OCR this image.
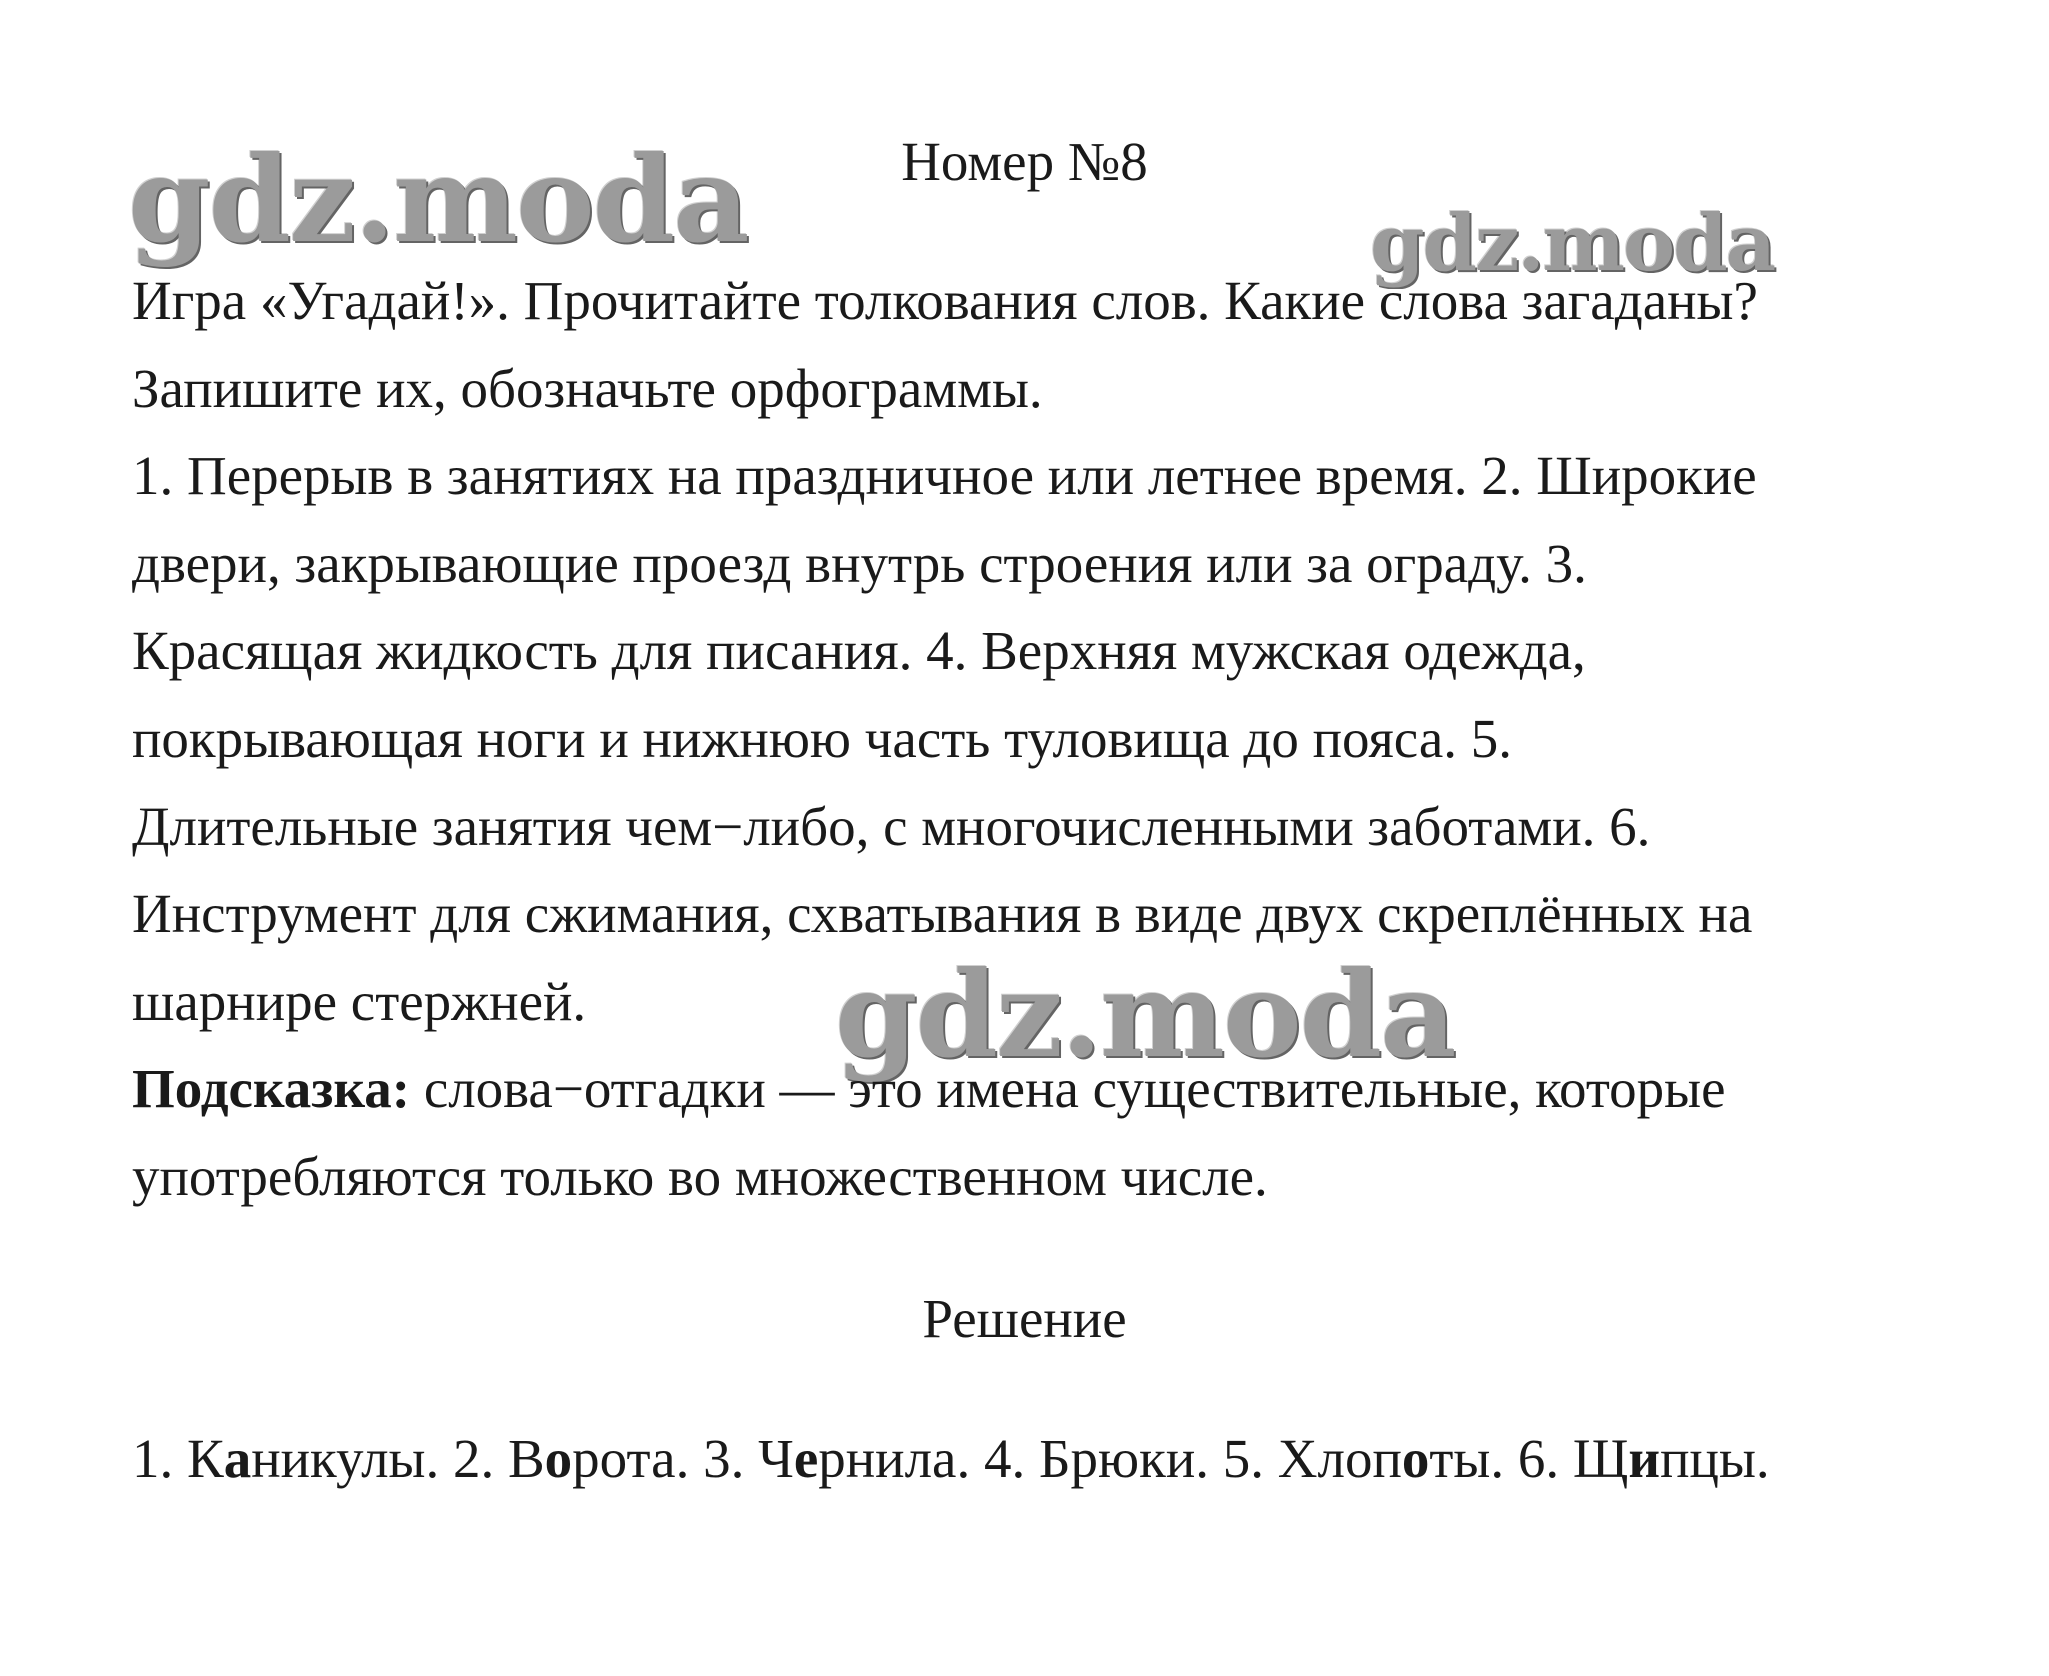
gdz.moda	gdz.moda
gdz.moda
Номер №8
Игра «Угадай!». Прочитайте толкования слов. Какие слова загаданы?
Запишите их, обозначьте орфограммы.
1. Перерыв в занятиях на праздничное или летнее время. 2. Широкие
двери, закрывающие проезд внутрь строения или за ограду. 3.
Красящая жидкость для писания. 4. Верхняя мужская одежда,
покрывающая ноги и нижнюю часть туловища до пояса. 5.
Длительные занятия чем−либо, с многочисленными заботами. 6.
Инструмент для сжимания, схватывания в виде двух скреплённых на
шарнире стержней.
Подсказка: слова−отгадки — это имена существительные, которые
употребляются только во множественном числе.
Решение
1. Каникулы. 2. Ворота. 3. Чернила. 4. Брюки. 5. Хлопоты. 6. Щипцы.
